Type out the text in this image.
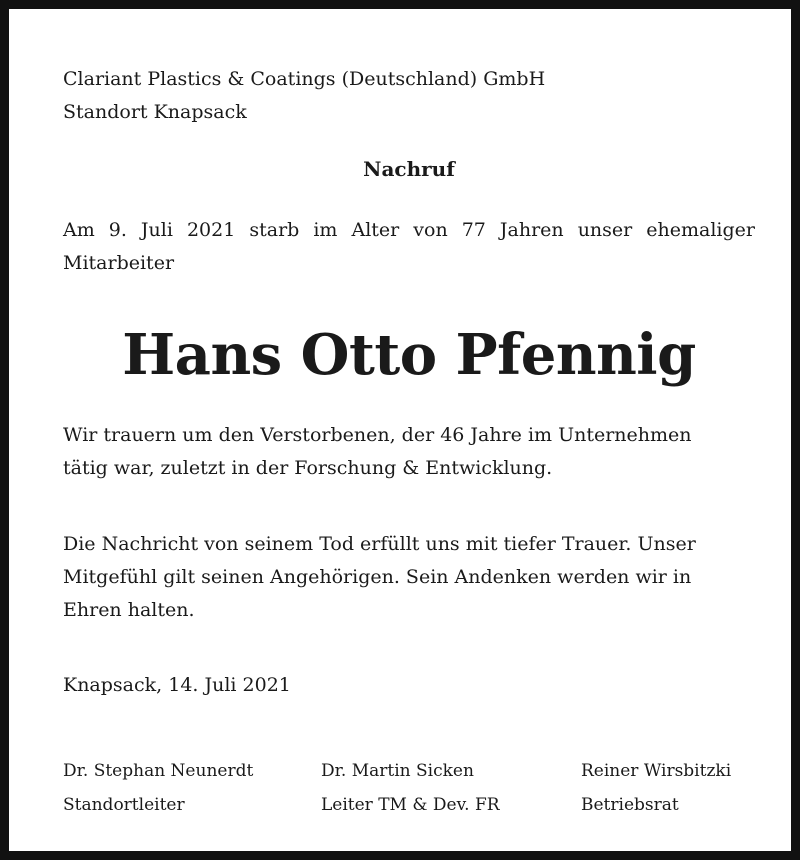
Clariant Plastics & Coatings (Deutschland) GmbH
Standort Knapsack
Nachruf
Am 9. Juli 2021 starb im Alter von 77 Jahren unser ehemaliger
Mitarbeiter
Hans Otto Pfennig
Wir trauern um den Verstorbenen, der 46 Jahre im Unternehmen
tätig war, zuletzt in der Forschung & Entwicklung.
Die Nachricht von seinem Tod erfüllt uns mit tiefer Trauer. Unser
Mitgefühl gilt seinen Angehörigen. Sein Andenken werden wir in
Ehren halten.
Knapsack, 14. Juli 2021
Dr. Stephan Neunerdt
Standortleiter
Dr. Martin Sicken
Leiter TM & Dev. FR
Reiner Wirsbitzki
Betriebsrat
